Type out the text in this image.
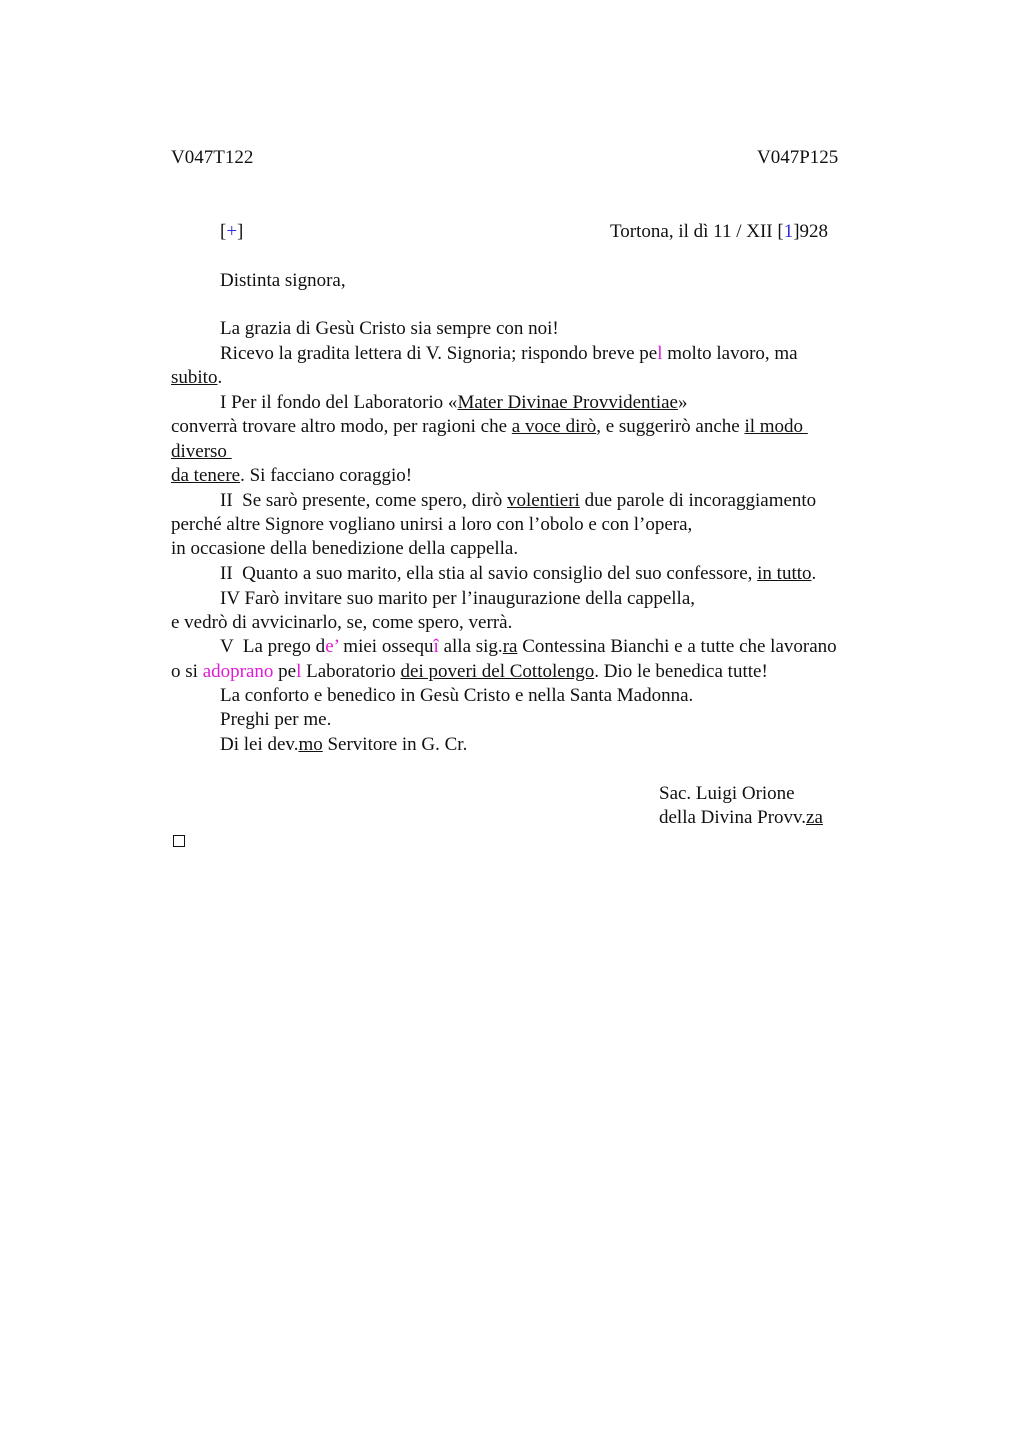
V047T122	V047P125
[+]	Tortona, il dì 11 / XII [1]928
Distinta signora,
La grazia di Gesù Cristo sia sempre con noi!
Ricevo la gradita lettera di V. Signoria; rispondo breve pel molto lavoro, ma
subito.
I Per il fondo del Laboratorio «Mater Divinae Provvidentiae»
converrà trovare altro modo, per ragioni che a voce dirò, e suggerirò anche il modo
diverso
da tenere. Si facciano coraggio!
II  Se sarò presente, come spero, dirò volentieri due parole di incoraggiamento
perché altre Signore vogliano unirsi a loro con l’obolo e con l’opera,
in occasione della benedizione della cappella.
II  Quanto a suo marito, ella stia al savio consiglio del suo confessore, in tutto.
IV Farò invitare suo marito per l’inaugurazione della cappella,
e vedrò di avvicinarlo, se, come spero, verrà.
V  La prego de’ miei ossequî alla sig.ra Contessina Bianchi e a tutte che lavorano
o si adoprano pel Laboratorio dei poveri del Cottolengo. Dio le benedica tutte!
La conforto e benedico in Gesù Cristo e nella Santa Madonna.
Preghi per me.
Di lei dev.mo Servitore in G. Cr.
Sac. Luigi Orione
della Divina Provv.za
